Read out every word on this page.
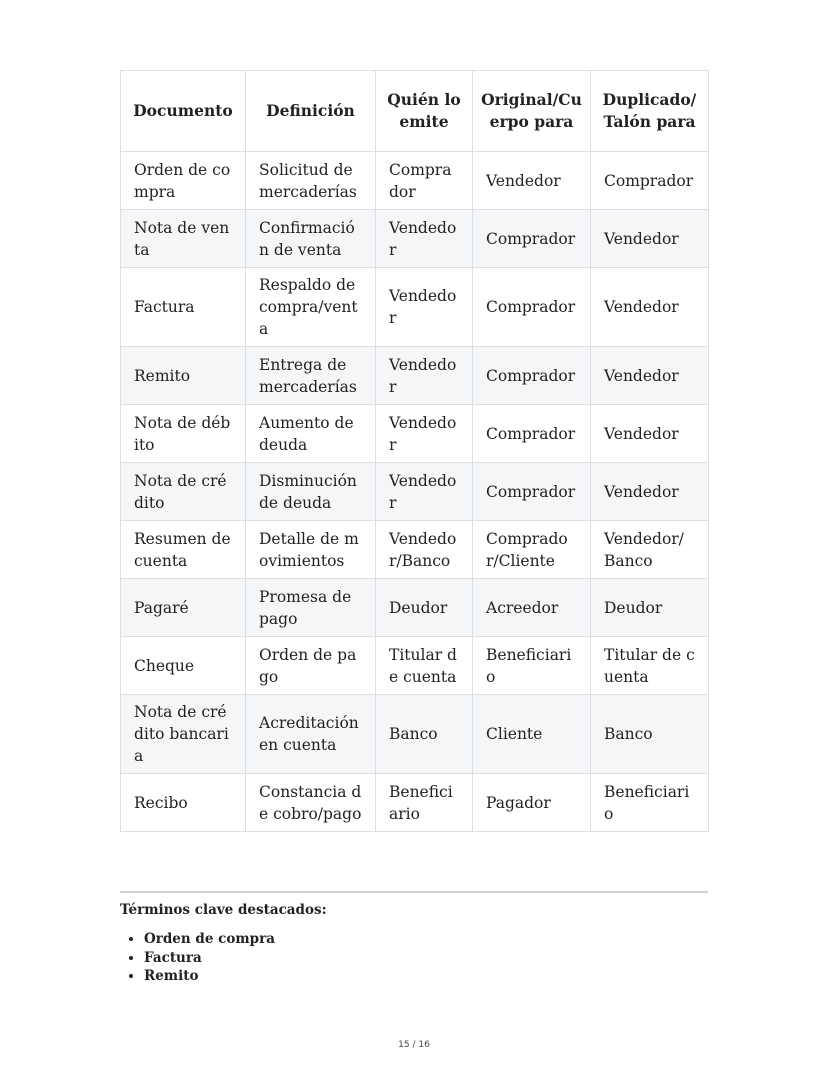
Documento	Definición	Quién lo emite	Original/Cuerpo para	Duplicado/ Talón para
Orden de compra	Solicitud de mercaderías	Comprador	Vendedor	Comprador
Nota de venta	Confirmación de venta	Vendedor	Comprador	Vendedor
Factura	Respaldo de compra/venta	Vendedor	Comprador	Vendedor
Remito	Entrega de mercaderías	Vendedor	Comprador	Vendedor
Nota de débito	Aumento de deuda	Vendedor	Comprador	Vendedor
Nota de crédito	Disminución de deuda	Vendedor	Comprador	Vendedor
Resumen de cuenta	Detalle de movimientos	Vendedor/Banco	Comprador/Cliente	Vendedor/ Banco
Pagaré	Promesa de pago	Deudor	Acreedor	Deudor
Cheque	Orden de pago	Titular de cuenta	Beneficiario	Titular de cuenta
Nota de crédito bancaria	Acreditación en cuenta	Banco	Cliente	Banco
Recibo	Constancia de cobro/pago	Beneficiario	Pagador	Beneficiario

Términos clave destacados:

• Orden de compra
• Factura
• Remito
15 / 16
